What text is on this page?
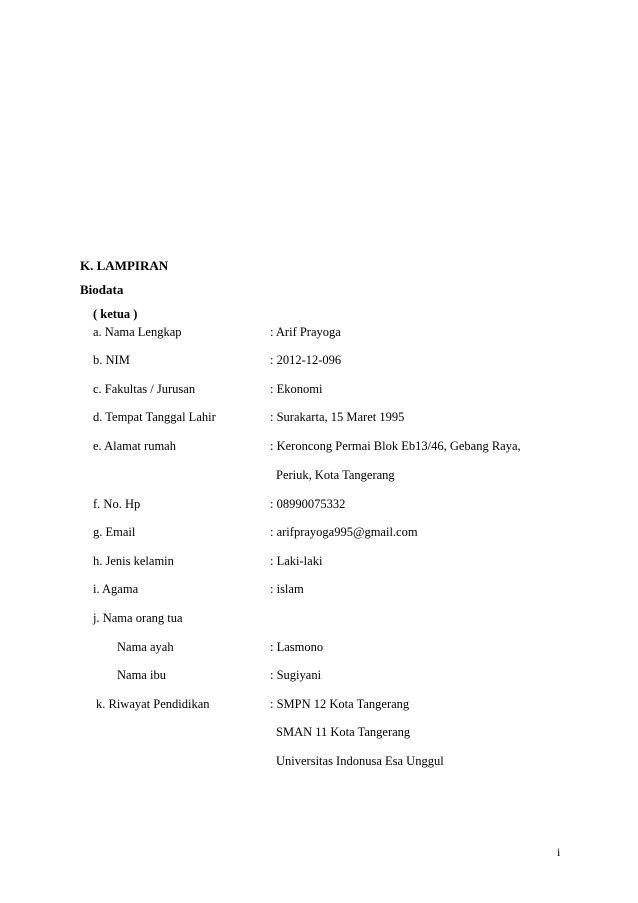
K. LAMPIRAN
Biodata
( ketua )
a. Nama Lengkap	: Arif Prayoga
b. NIM	: 2012-12-096
c. Fakultas / Jurusan	: Ekonomi
d. Tempat Tanggal Lahir	: Surakarta, 15 Maret 1995
e. Alamat rumah	: Keroncong Permai Blok Eb13/46, Gebang Raya,
Periuk, Kota Tangerang
f. No. Hp	: 08990075332
g. Email	: arifprayoga995@gmail.com
h. Jenis kelamin	: Laki-laki
i. Agama	: islam
j. Nama orang tua
Nama ayah	: Lasmono
Nama ibu	: Sugiyani
k. Riwayat Pendidikan	: SMPN 12 Kota Tangerang
SMAN 11 Kota Tangerang
Universitas Indonusa Esa Unggul
i
